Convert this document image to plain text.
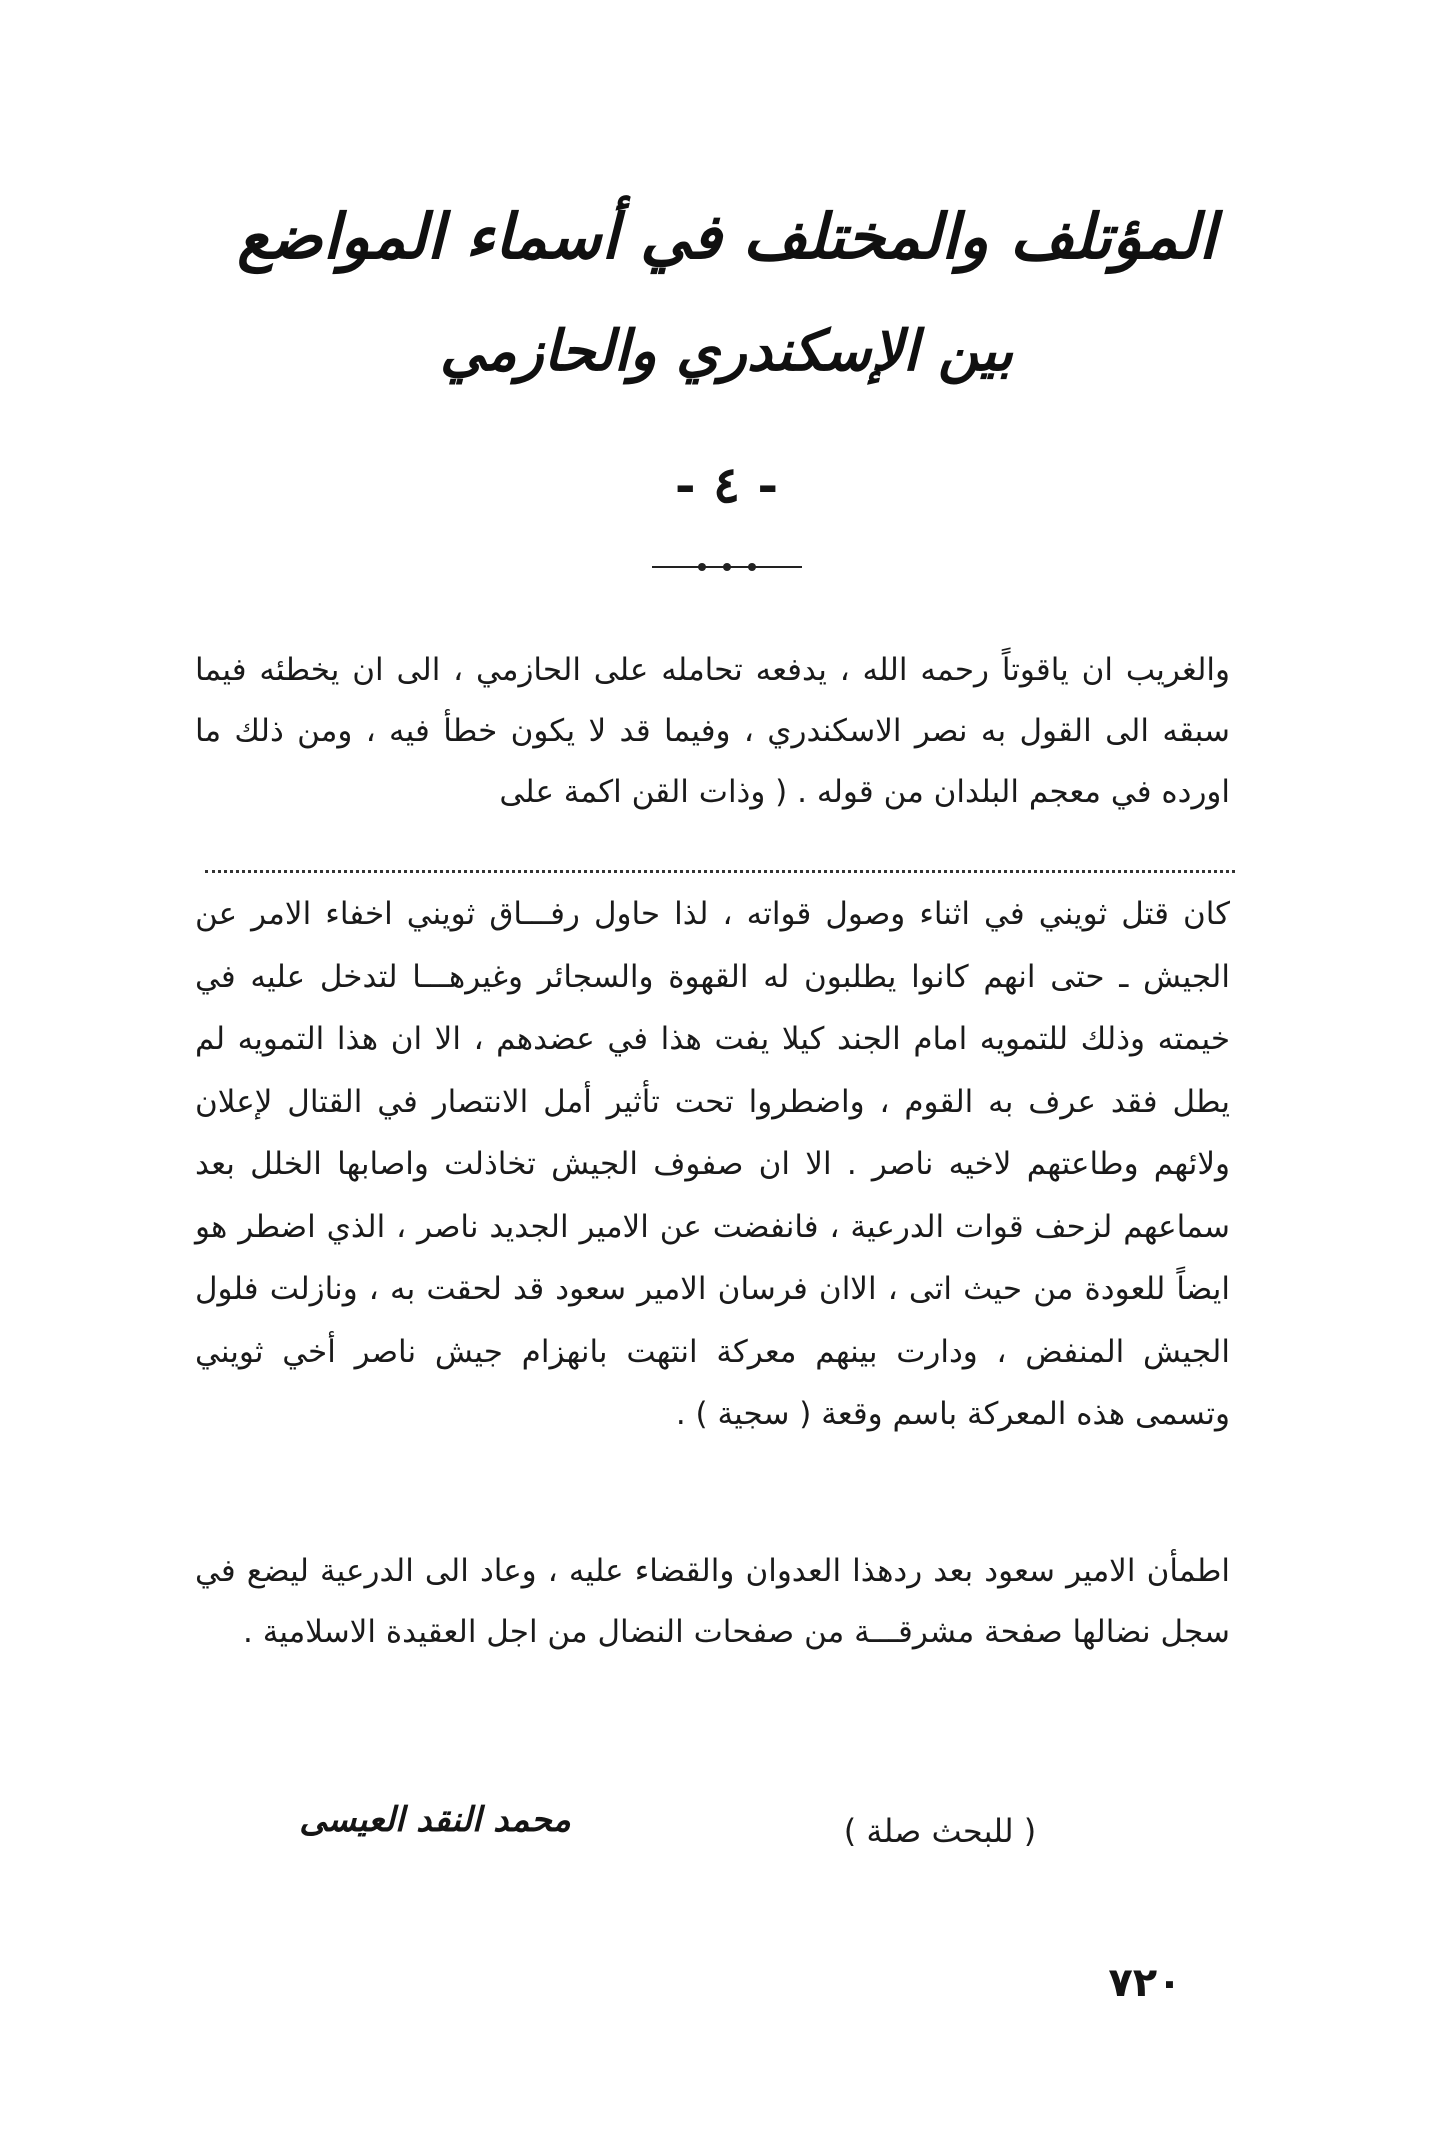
المؤتلف والمختلف في أسماء المواضع
بين الإسكندري والحازمي
- ٤ -

والغريب ان ياقوتاً رحمه الله ، يدفعه تحامله على الحازمي ، الى ان يخطئه فيما سبقه الى القول به نصر الاسكندري ، وفيما قد لا يكون خطأ فيه ، ومن ذلك ما اورده في معجم البلدان من قوله . ( وذات القن اكمة على

كان قتل ثويني في اثناء وصول قواته ، لذا حاول رفـــاق ثويني اخفاء الامر عن الجيش ـ حتى انهم كانوا يطلبون له القهوة والسجائر وغيرهـــا لتدخل عليه في خيمته وذلك للتمويه امام الجند كيلا يفت هذا في عضدهم ، الا ان هذا التمويه لم يطل فقد عرف به القوم ، واضطروا تحت تأثير أمل الانتصار في القتال لإعلان ولائهم وطاعتهم لاخيه ناصر . الا ان صفوف الجيش تخاذلت واصابها الخلل بعد سماعهم لزحف قوات الدرعية ، فانفضت عن الامير الجديد ناصر ، الذي اضطر هو ايضاً للعودة من حيث اتى ، الاان فرسان الامير سعود قد لحقت به ، ونازلت فلول الجيش المنفض ، ودارت بينهم معركة انتهت بانهزام جيش ناصر أخي ثويني وتسمى هذه المعركة باسم وقعة ( سجية ) .

اطمأن الامير سعود بعد ردهذا العدوان والقضاء عليه ، وعاد الى الدرعية ليضع في سجل نضالها صفحة مشرقـــة من صفحات النضال من اجل العقيدة الاسلامية .

( للبحث صلة )
محمد النقد العيسى
٧٢٠
